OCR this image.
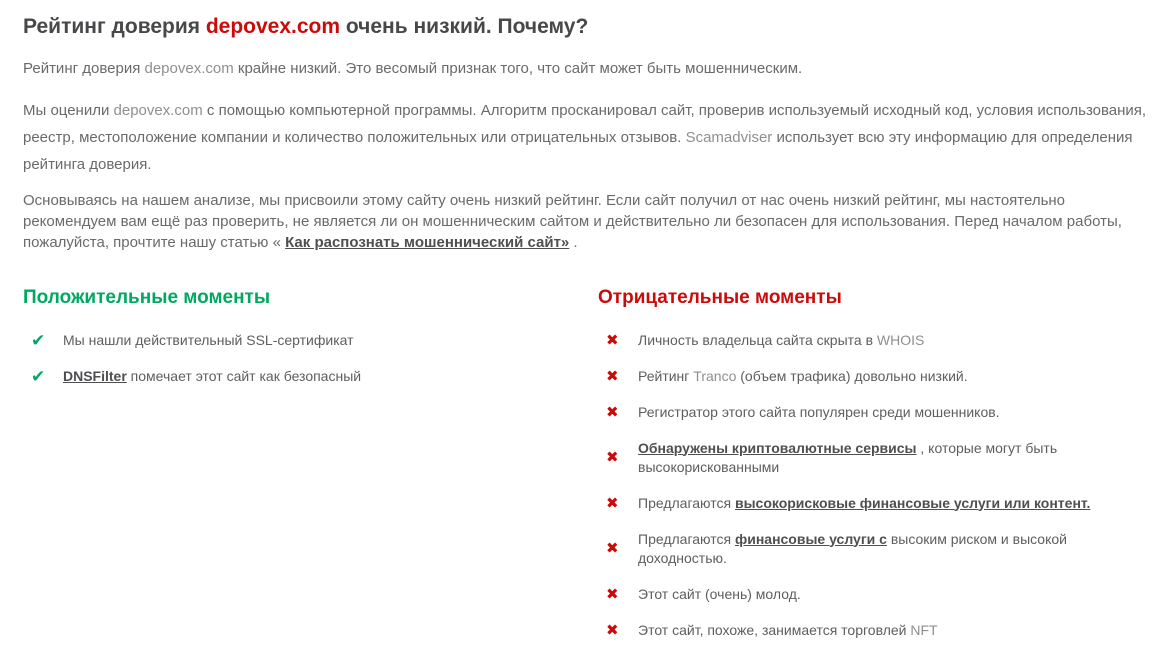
Рейтинг доверия depovex.com очень низкий. Почему?

Рейтинг доверия depovex.com крайне низкий. Это весомый признак того, что сайт может быть мошенническим.

Мы оценили depovex.com с помощью компьютерной программы. Алгоритм просканировал сайт, проверив используемый исходный код, условия использования, реестр, местоположение компании и количество положительных или отрицательных отзывов. Scamadviser использует всю эту информацию для определения рейтинга доверия.

Основываясь на нашем анализе, мы присвоили этому сайту очень низкий рейтинг. Если сайт получил от нас очень низкий рейтинг, мы настоятельно рекомендуем вам ещё раз проверить, не является ли он мошенническим сайтом и действительно ли безопасен для использования. Перед началом работы, пожалуйста, прочтите нашу статью « Как распознать мошеннический сайт» .

Положительные моменты
✔ Мы нашли действительный SSL-сертификат
✔ DNSFilter помечает этот сайт как безопасный
Отрицательные моменты
✖	Личность владельца сайта скрыта в WHOIS
✖	Рейтинг Tranco (объем трафика) довольно низкий.
✖	Регистратор этого сайта популярен среди мошенников.
✖
Обнаружены криптовалютные сервисы , которые могут быть высокорискованными
✖	Предлагаются высокорисковые финансовые услуги или контент.
✖
Предлагаются финансовые услуги с высоким риском и высокой доходностью.
✖	Этот сайт (очень) молод.
✖	Этот сайт, похоже, занимается торговлей NFT
